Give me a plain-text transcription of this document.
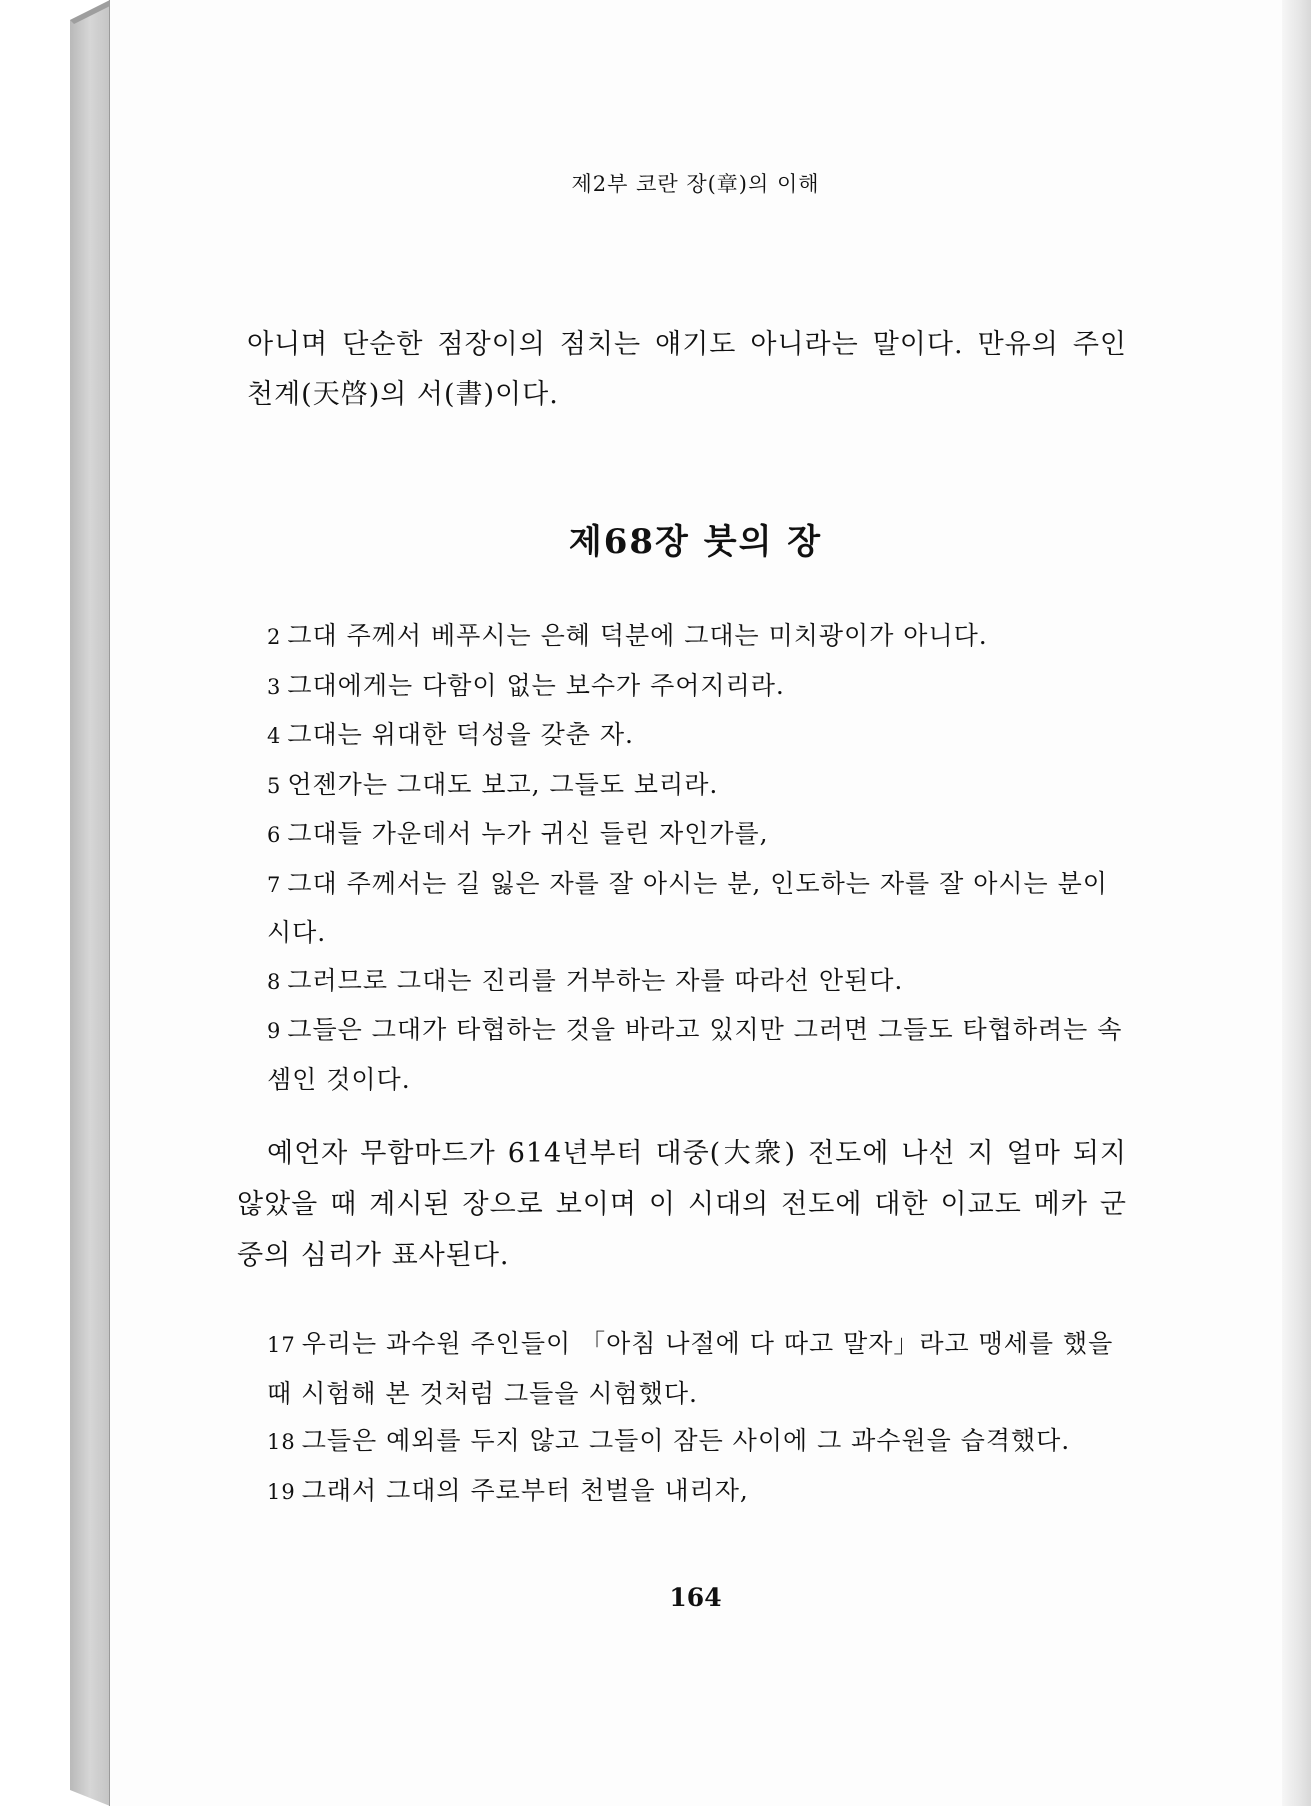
제2부 코란 장(章)의 이해
아니며 단순한 점장이의 점치는 얘기도 아니라는 말이다. 만유의 주인 천계(天啓)의 서(書)이다.
제68장 붓의 장
2 그대 주께서 베푸시는 은혜 덕분에 그대는 미치광이가 아니다.
3 그대에게는 다함이 없는 보수가 주어지리라.
4 그대는 위대한 덕성을 갖춘 자.
5 언젠가는 그대도 보고, 그들도 보리라.
6 그대들 가운데서 누가 귀신 들린 자인가를,
7 그대 주께서는 길 잃은 자를 잘 아시는 분, 인도하는 자를 잘 아시는 분이시다.
8 그러므로 그대는 진리를 거부하는 자를 따라선 안된다.
9 그들은 그대가 타협하는 것을 바라고 있지만 그러면 그들도 타협하려는 속셈인 것이다.
예언자 무함마드가 614년부터 대중(大衆) 전도에 나선 지 얼마 되지 않았을 때 계시된 장으로 보이며 이 시대의 전도에 대한 이교도 메카 군중의 심리가 표사된다.
17 우리는 과수원 주인들이 「아침 나절에 다 따고 말자」라고 맹세를 했을 때 시험해 본 것처럼 그들을 시험했다.
18 그들은 예외를 두지 않고 그들이 잠든 사이에 그 과수원을 습격했다.
19 그래서 그대의 주로부터 천벌을 내리자,
164
